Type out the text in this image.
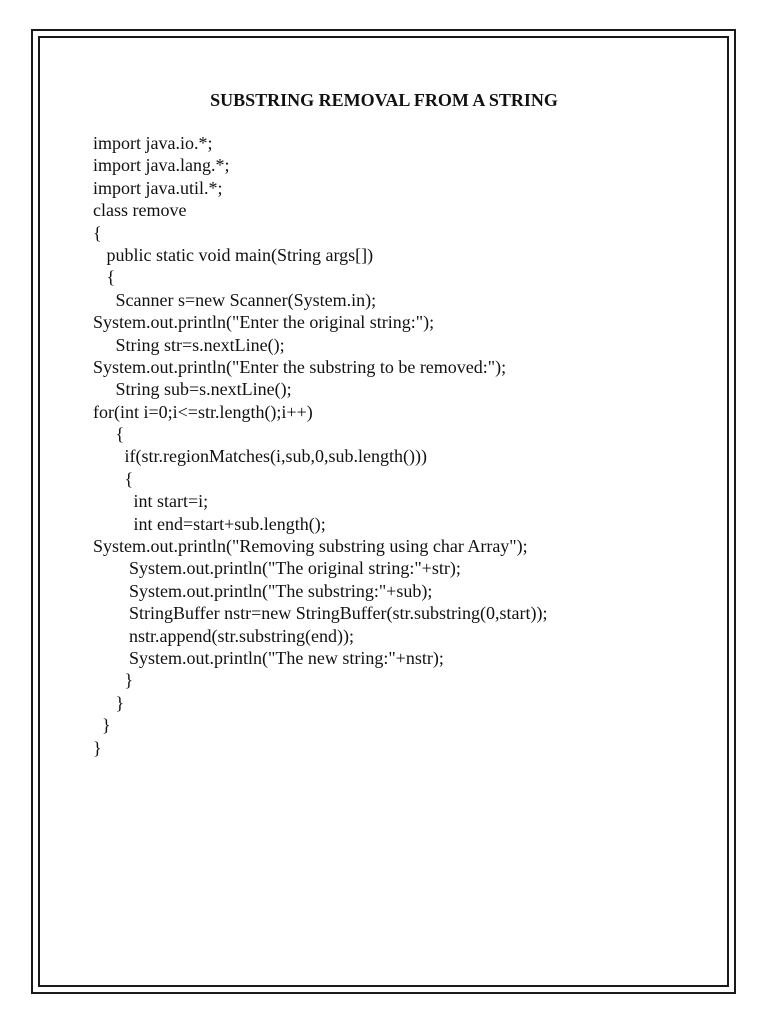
SUBSTRING REMOVAL FROM A STRING
import java.io.*;
import java.lang.*;
import java.util.*;
class remove
{
public static void main(String args[])
{
Scanner s=new Scanner(System.in);
System.out.println("Enter the original string:");
String str=s.nextLine();
System.out.println("Enter the substring to be removed:");
String sub=s.nextLine();
for(int i=0;i<=str.length();i++)
{
if(str.regionMatches(i,sub,0,sub.length()))
{
int start=i;
int end=start+sub.length();
System.out.println("Removing substring using char Array");
System.out.println("The original string:"+str);
System.out.println("The substring:"+sub);
StringBuffer nstr=new StringBuffer(str.substring(0,start));
nstr.append(str.substring(end));
System.out.println("The new string:"+nstr);
}
}
}
}
